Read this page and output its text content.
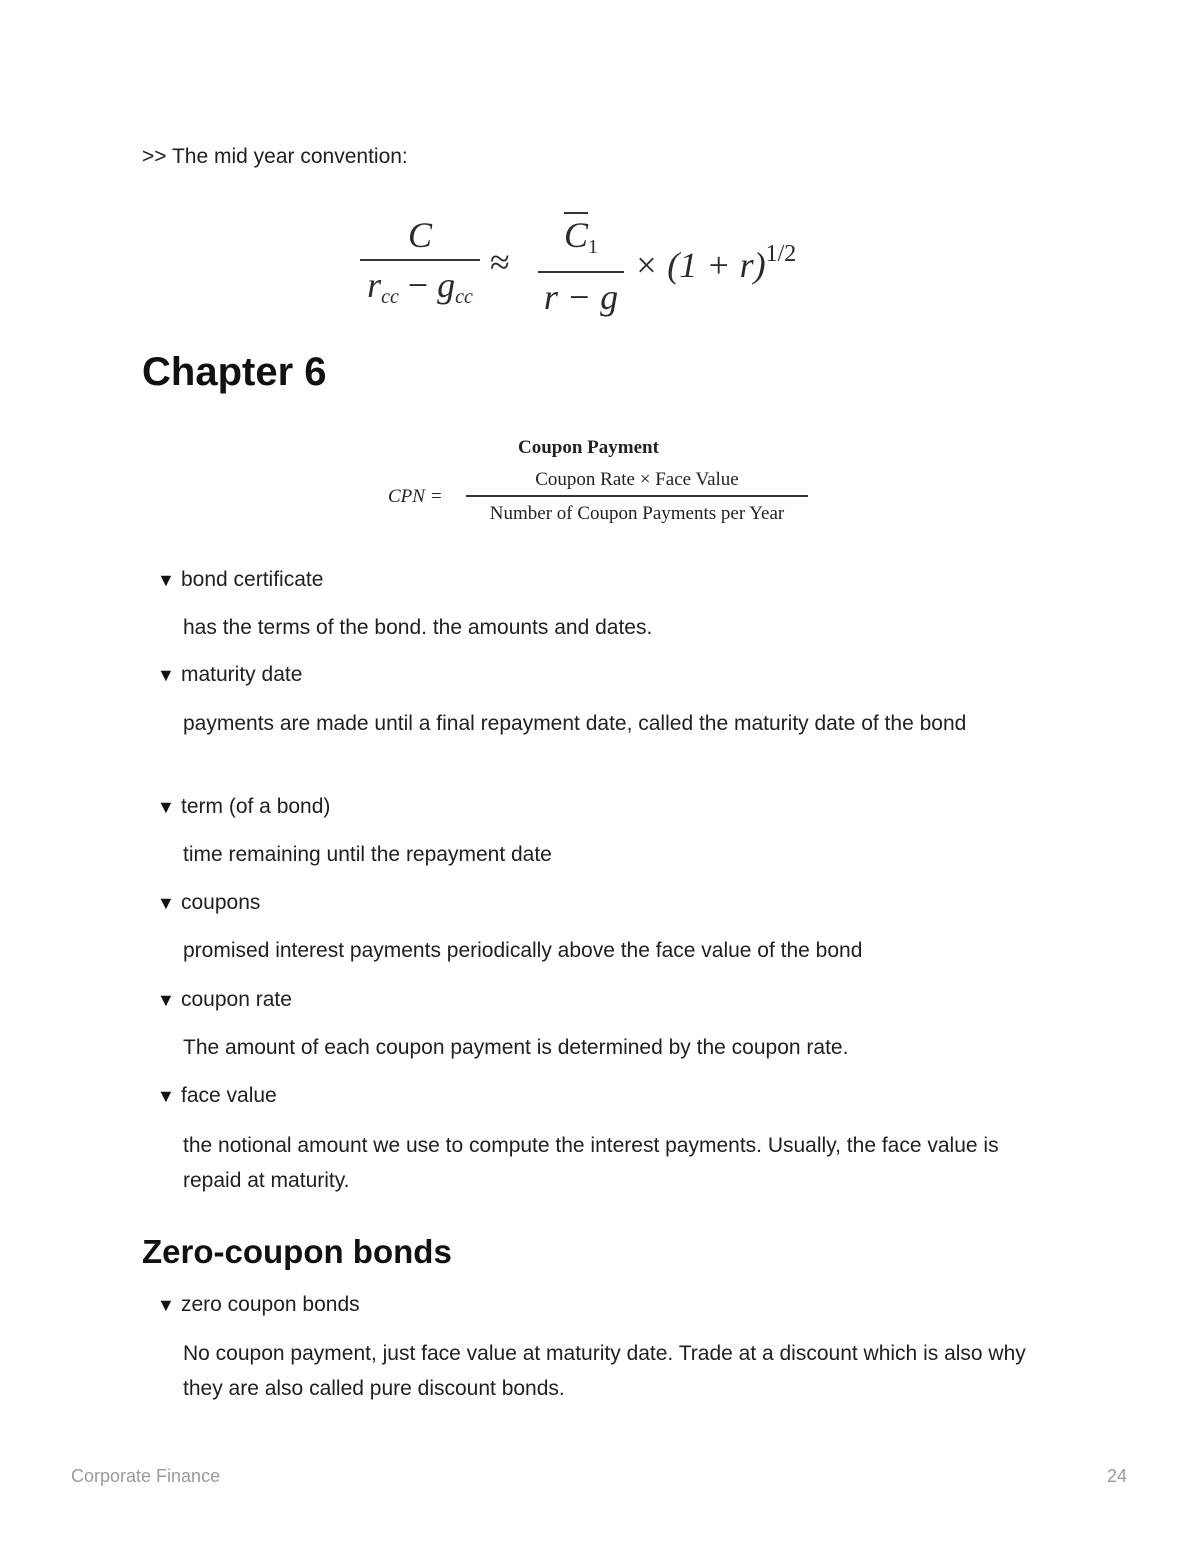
>> The mid year convention:
C
$r_{cc} - g_{cc}$
≈
$C_1$
r − g
× $(1 + r)^{1/2}$
Chapter 6
Coupon Payment
CPN =
Coupon Rate × Face Value
Number of Coupon Payments per Year
▼ bond certificate
has the terms of the bond. the amounts and dates.
▼ maturity date
payments are made until a final repayment date, called the maturity date of the bond
▼ term (of a bond)
time remaining until the repayment date
▼ coupons
promised interest payments periodically above the face value of the bond
▼ coupon rate
The amount of each coupon payment is determined by the coupon rate.
▼ face value
the notional amount we use to compute the interest payments. Usually, the face value is repaid at maturity.
Zero-coupon bonds
▼ zero coupon bonds
No coupon payment, just face value at maturity date. Trade at a discount which is also why they are also called pure discount bonds.
Corporate Finance	24
